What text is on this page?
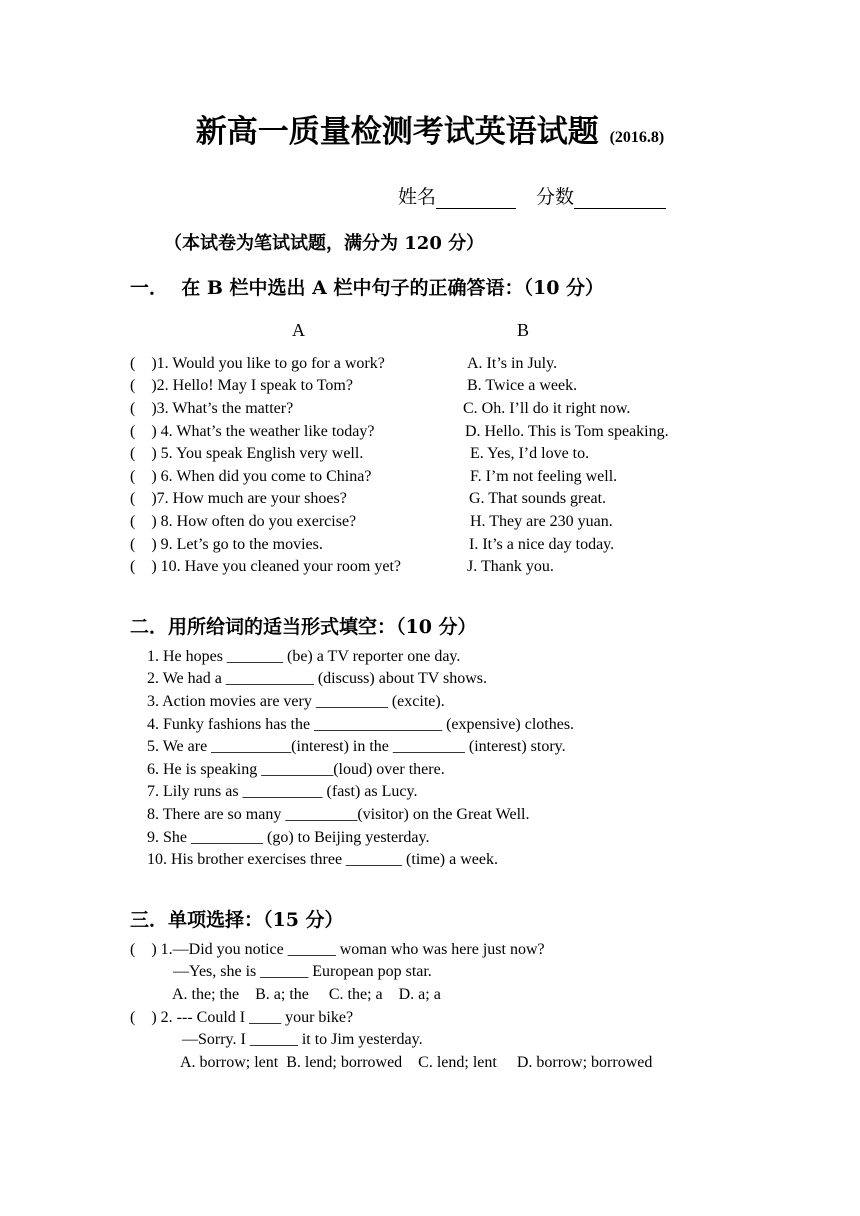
新高一质量检测考试英语试题 (2016.8)
姓名	分数
（本试卷为笔试试题，满分为 120 分）
一．  在 B 栏中选出 A 栏中句子的正确答语：（10 分）
A	B
(    )1. Would you like to go for a work?	A. It’s in July.
(    )2. Hello! May I speak to Tom?	B. Twice a week.
(    )3. What’s the matter?	C. Oh. I’ll do it right now.
(    ) 4. What’s the weather like today?	D. Hello. This is Tom speaking.
(    ) 5. You speak English very well.	E. Yes, I’d love to.
(    ) 6. When did you come to China?	F. I’m not feeling well.
(    )7. How much are your shoes?	G. That sounds great.
(    ) 8. How often do you exercise?	H. They are 230 yuan.
(    ) 9. Let’s go to the movies.	I. It’s a nice day today.
(    ) 10. Have you cleaned your room yet?	J. Thank you.
二．用所给词的适当形式填空：（10 分）
1. He hopes _______ (be) a TV reporter one day.
2. We had a ___________ (discuss) about TV shows.
3. Action movies are very _________ (excite).
4. Funky fashions has the ________________ (expensive) clothes.
5. We are __________(interest) in the _________ (interest) story.
6. He is speaking _________(loud) over there.
7. Lily runs as __________ (fast) as Lucy.
8. There are so many _________(visitor) on the Great Well.
9. She _________ (go) to Beijing yesterday.
10. His brother exercises three _______ (time) a week.
三．单项选择：（15 分）
(    ) 1.—Did you notice ______ woman who was here just now?
—Yes, she is ______ European pop star.
A. the; the    B. a; the     C. the; a    D. a; a
(    ) 2. --- Could I ____ your bike?
—Sorry. I ______ it to Jim yesterday.
A. borrow; lent  B. lend; borrowed    C. lend; lent     D. borrow; borrowed
